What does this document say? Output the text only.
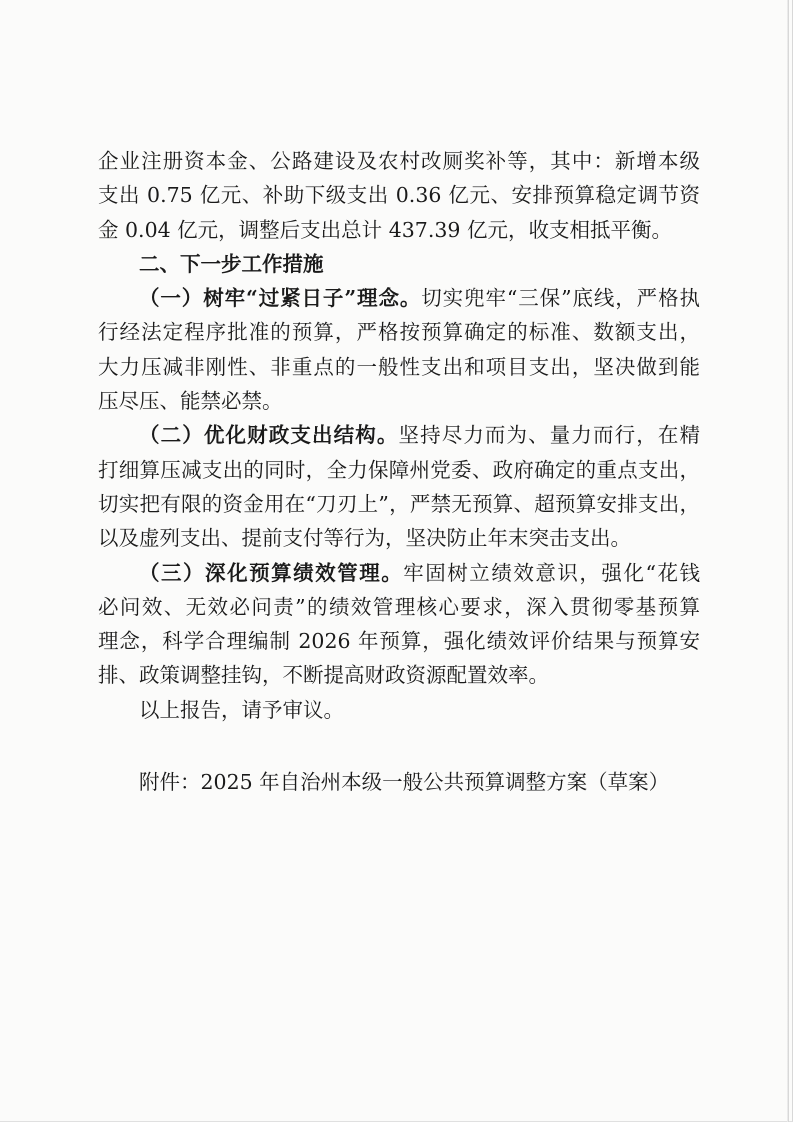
企业注册资本金、公路建设及农村改厕奖补等，其中：新增本级
支出 0.75 亿元、补助下级支出 0.36 亿元、安排预算稳定调节资
金 0.04 亿元，调整后支出总计 437.39 亿元，收支相抵平衡。
二、下一步工作措施
（一）树牢“过紧日子”理念。切实兜牢“三保”底线，严格执
行经法定程序批准的预算，严格按预算确定的标准、数额支出，
大力压减非刚性、非重点的一般性支出和项目支出，坚决做到能
压尽压、能禁必禁。
（二）优化财政支出结构。坚持尽力而为、量力而行，在精
打细算压减支出的同时，全力保障州党委、政府确定的重点支出，
切实把有限的资金用在“刀刃上”，严禁无预算、超预算安排支出，
以及虚列支出、提前支付等行为，坚决防止年末突击支出。
（三）深化预算绩效管理。牢固树立绩效意识，强化“花钱
必问效、无效必问责”的绩效管理核心要求，深入贯彻零基预算
理念，科学合理编制 2026 年预算，强化绩效评价结果与预算安
排、政策调整挂钩，不断提高财政资源配置效率。
以上报告，请予审议。
附件：2025 年自治州本级一般公共预算调整方案（草案）
